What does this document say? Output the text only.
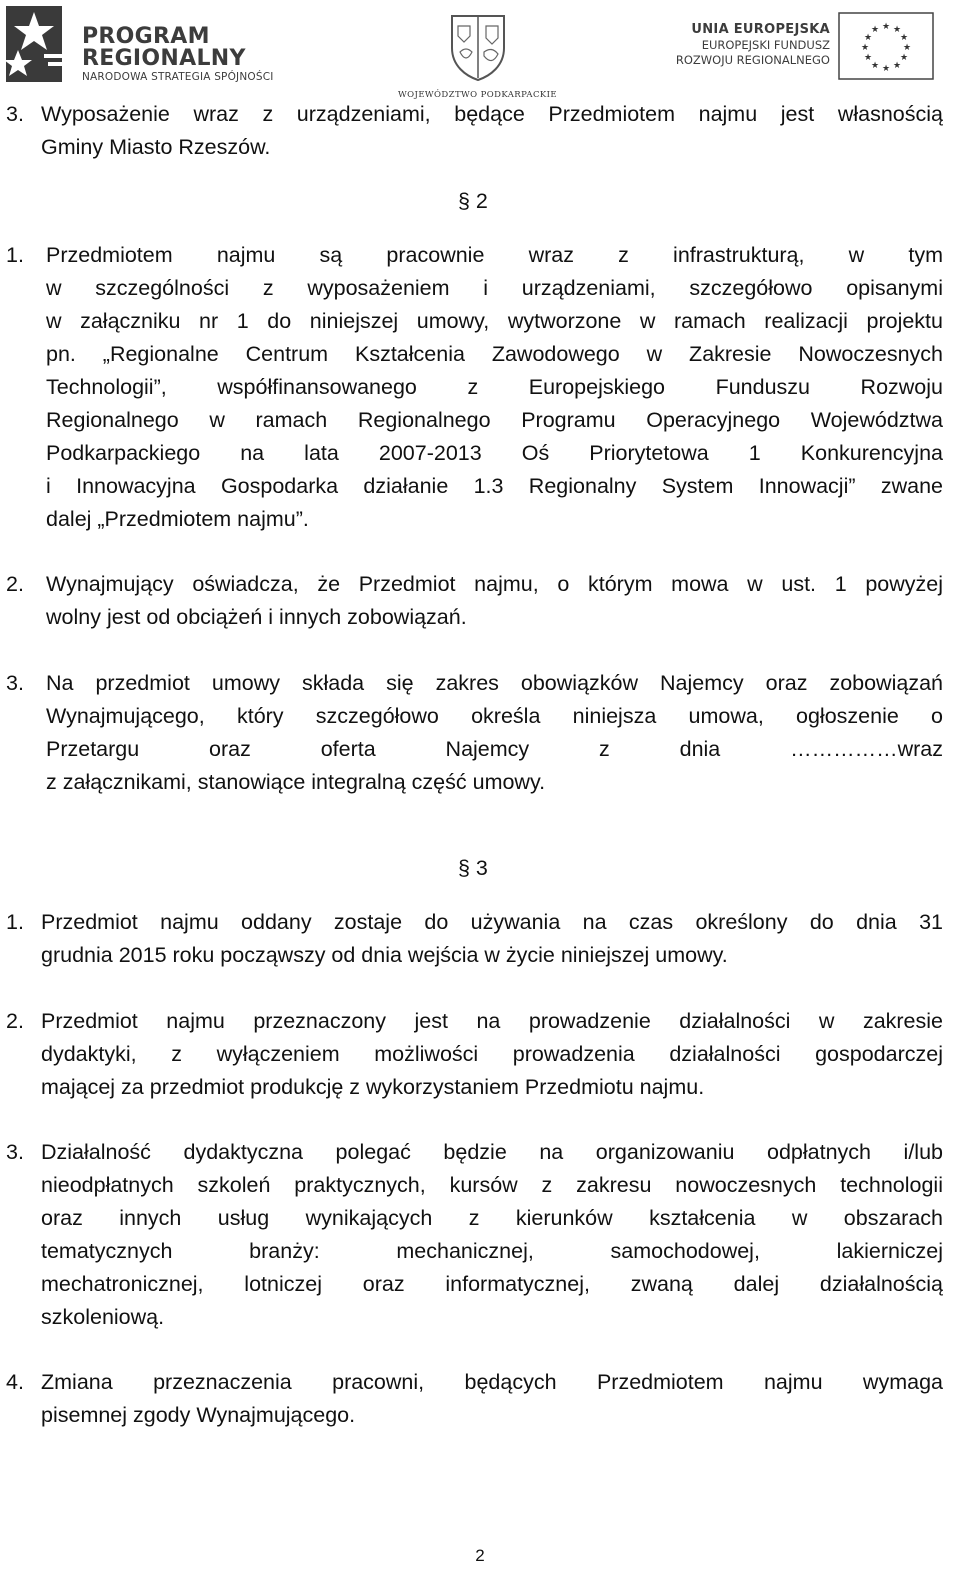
PROGRAM
REGIONALNY
NARODOWA STRATEGIA SPÓJNOŚCI
WOJEWÓDZTWO PODKARPACKIE
UNIA EUROPEJSKA
EUROPEJSKI FUNDUSZ
ROZWOJU REGIONALNEGO
★ ★
★
★
★
★
★
★
★
★
★
★
3. Wyposażenie wraz z urządzeniami, będące Przedmiotem najmu jest własnością
Gminy Miasto Rzeszów.
§ 2
1. Przedmiotem najmu są pracownie wraz z infrastrukturą, w tym
w szczególności z wyposażeniem i urządzeniami, szczegółowo opisanymi
w załączniku nr 1 do niniejszej umowy, wytworzone w ramach realizacji projektu
pn. „Regionalne Centrum Kształcenia Zawodowego w Zakresie Nowoczesnych
Technologii”, współfinansowanego z Europejskiego Funduszu Rozwoju
Regionalnego w ramach Regionalnego Programu Operacyjnego Województwa
Podkarpackiego na lata 2007-2013 Oś Priorytetowa 1 Konkurencyjna
i Innowacyjna Gospodarka działanie 1.3 Regionalny System Innowacji” zwane
dalej „Przedmiotem najmu”.
2. Wynajmujący oświadcza, że Przedmiot najmu, o którym mowa w ust. 1 powyżej
wolny jest od obciążeń i innych zobowiązań.
3. Na przedmiot umowy składa się zakres obowiązków Najemcy oraz zobowiązań
Wynajmującego, który szczegółowo określa niniejsza umowa, ogłoszenie o
Przetargu oraz oferta Najemcy z dnia ……………wraz
z załącznikami, stanowiące integralną część umowy.
§ 3
1. Przedmiot najmu oddany zostaje do używania na czas określony do dnia 31
grudnia 2015 roku począwszy od dnia wejścia w życie niniejszej umowy.
2. Przedmiot najmu przeznaczony jest na prowadzenie działalności w zakresie
dydaktyki, z wyłączeniem możliwości prowadzenia działalności gospodarczej
mającej za przedmiot produkcję z wykorzystaniem Przedmiotu najmu.
3. Działalność dydaktyczna polegać będzie na organizowaniu odpłatnych i/lub
nieodpłatnych szkoleń praktycznych, kursów z zakresu nowoczesnych technologii
oraz innych usług wynikających z kierunków kształcenia w obszarach
tematycznych branży: mechanicznej, samochodowej, lakierniczej
mechatronicznej, lotniczej oraz informatycznej, zwaną dalej działalnością
szkoleniową.
4. Zmiana przeznaczenia pracowni, będących Przedmiotem najmu wymaga
pisemnej zgody Wynajmującego.
2
